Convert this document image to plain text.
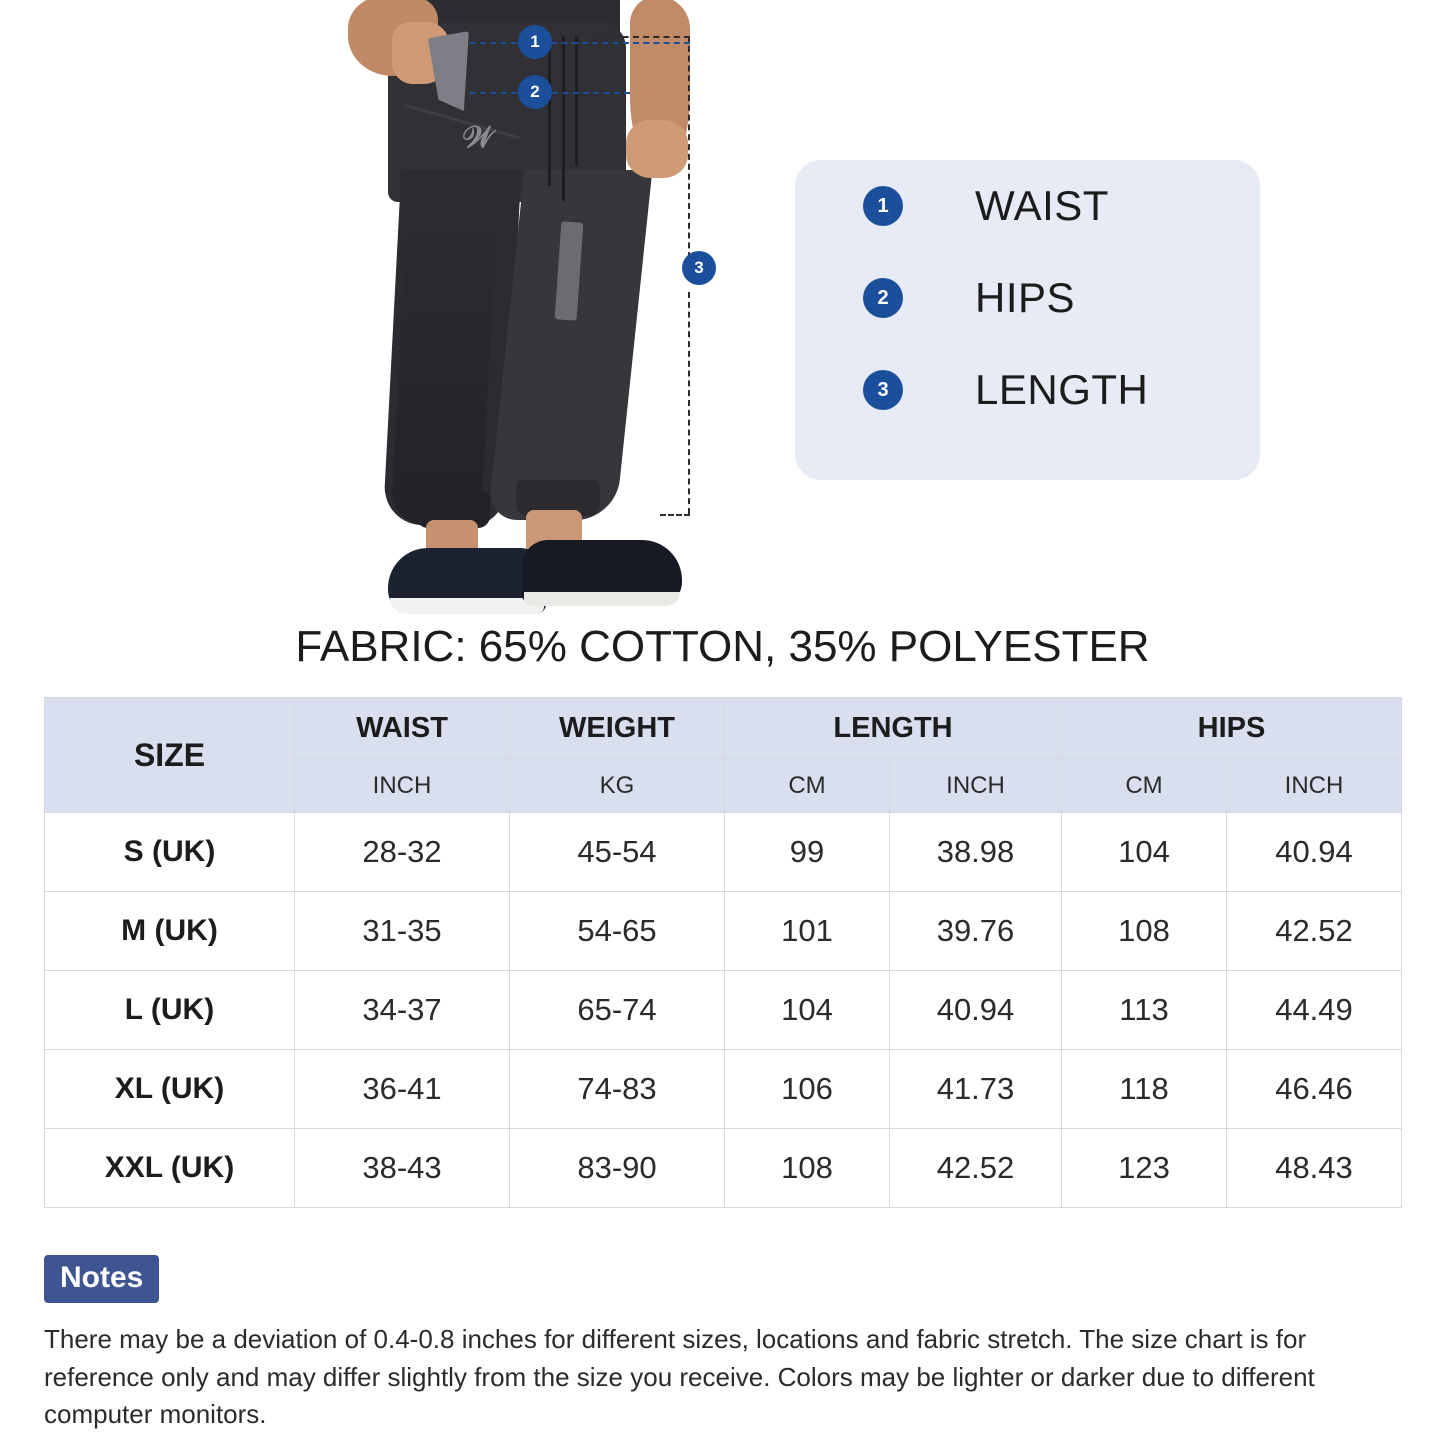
𝒲
1
2
3
1	WAIST
2	HIPS
3	LENGTH
FABRIC: 65% COTTON, 35% POLYESTER
SIZE	WAIST	WEIGHT	LENGTH		HIPS	
	INCH	KG	CM	INCH	CM	INCH
S (UK)	28-32	45-54	99	38.98	104	40.94
M (UK)	31-35	54-65	101	39.76	108	42.52
L (UK)	34-37	65-74	104	40.94	113	44.49
XL (UK)	36-41	74-83	106	41.73	118	46.46
XXL (UK)	38-43	83-90	108	42.52	123	48.43
Notes
There may be a deviation of 0.4-0.8 inches for different sizes, locations and fabric stretch. The size chart is for reference only and may differ slightly from the size you receive. Colors may be lighter or darker due to different computer monitors.
